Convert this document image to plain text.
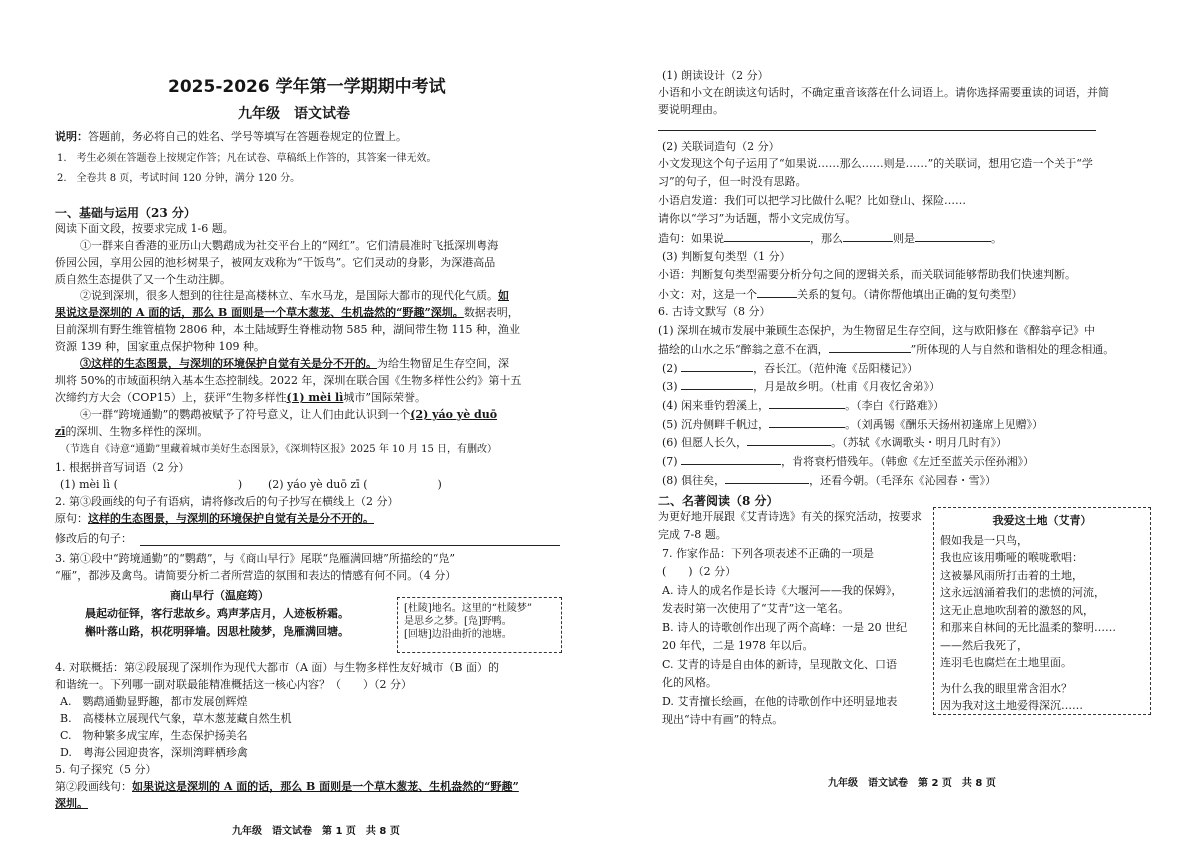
2025-2026 学年第一学期期中考试
九年级　语文试卷
说明：答题前，务必将自己的姓名、学号等填写在答题卷规定的位置上。
1.　考生必须在答题卷上按规定作答；凡在试卷、草稿纸上作答的，其答案一律无效。
2.　全卷共 8 页，考试时间 120 分钟，满分 120 分。
一、基础与运用（23 分）
阅读下面文段，按要求完成 1-6 题。
①一群来自香港的亚历山大鹦鹉成为社交平台上的“网红”。它们清晨准时飞抵深圳粤海
侨园公园，享用公园的池杉树果子，被网友戏称为“干饭鸟”。它们灵动的身影，为深港高品
质自然生态提供了又一个生动注脚。
②说到深圳，很多人想到的往往是高楼林立、车水马龙，是国际大都市的现代化气质。如
果说这是深圳的 A 面的话，那么 B 面则是一个草木葱茏、生机盎然的“野趣”深圳。数据表明，
目前深圳有野生维管植物 2806 种，本土陆域野生脊椎动物 585 种，湖间带生物 115 种，渔业
资源 139 种，国家重点保护物种 109 种。
③这样的生态图景，与深圳的环境保护自觉有关是分不开的。为给生物留足生存空间，深
圳将 50%的市域面积纳入基本生态控制线。2022 年，深圳在联合国《生物多样性公约》第十五
次缔约方大会（COP15）上，获评“生物多样性(1) mèi lì城市”国际荣誉。
④一群“跨境通勤”的鹦鹉被赋予了符号意义，让人们由此认识到一个(2) yáo yè duō
zī的深圳、生物多样性的深圳。
（节选自《诗意“通勤”里藏着城市美好生态图景》，《深圳特区报》2025 年 10 月 15 日，有删改）
1. 根据拼音写词语（2 分）
(1) mèi lì (	) (2) yáo yè duō zī (	)
2. 第③段画线的句子有语病，请将修改后的句子抄写在横线上（2 分）
原句：这样的生态图景，与深圳的环境保护自觉有关是分不开的。
修改后的句子：
3. 第①段中“跨境通勤”的“鹦鹉”，与《商山早行》尾联“凫雁满回塘”所描绘的“凫”
“雁”，都涉及禽鸟。请简要分析二者所营造的氛围和表达的情感有何不同。（4 分）
商山早行（温庭筠）
晨起动征铎，客行悲故乡。鸡声茅店月，人迹板桥霜。
槲叶落山路，枳花明驿墙。因思杜陵梦，凫雁满回塘。
[杜陵]地名。这里的“杜陵梦”
是思乡之梦。[凫]野鸭。
[回塘]边沿曲折的池塘。
4. 对联概括：第②段展现了深圳作为现代大都市（A 面）与生物多样性友好城市（B 面）的
和谐统一。下列哪一副对联最能精准概括这一核心内容？（　　）（2 分）
A.　鹦鹉通勤显野趣，都市发展创辉煌
B.　高楼林立展现代气象，草木葱茏藏自然生机
C.　物种繁多成宝库，生态保护扬美名
D.　粤海公园迎贵客，深圳湾畔栖珍禽
5. 句子探究（5 分）
第②段画线句：如果说这是深圳的 A 面的话，那么 B 面则是一个草木葱茏、生机盎然的“野趣”
深圳。
九年级　语文试卷　第 1 页　共 8 页
(1) 朗读设计（2 分）
小语和小文在朗读这句话时，不确定重音该落在什么词语上。请你选择需要重读的词语，并简
要说明理由。
(2) 关联词造句（2 分）
小文发现这个句子运用了“如果说……那么……则是……”的关联词，想用它造一个关于“学
习”的句子，但一时没有思路。
小语启发道：我们可以把学习比做什么呢？比如登山、探险……
请你以“学习”为话题，帮小文完成仿写。
造句：如果说	，那么	则是	。
(3) 判断复句类型（1 分）
小语：判断复句类型需要分析分句之间的逻辑关系，而关联词能够帮助我们快速判断。
小文：对，这是一个	关系的复句。（请你帮他填出正确的复句类型）
6. 古诗文默写（8 分）
(1) 深圳在城市发展中兼顾生态保护，为生物留足生存空间，这与欧阳修在《醉翁亭记》中
描绘的山水之乐“醉翁之意不在酒，	”所体现的人与自然和谐相处的理念相通。
(2)	，吞长江。（范仲淹《岳阳楼记》）
(3)	，月是故乡明。（杜甫《月夜忆舍弟》）
(4) 闲来垂钓碧溪上，	。（李白《行路难》）
(5) 沉舟侧畔千帆过，	。（刘禹锡《酬乐天扬州初逢席上见赠》）
(6) 但愿人长久，	。（苏轼《水调歌头・明月几时有》）
(7)	，肯将衰朽惜残年。（韩愈《左迁至蓝关示侄孙湘》）
(8) 俱往矣，	，还看今朝。（毛泽东《沁园春・雪》）
二、名著阅读（8 分）
为更好地开展跟《艾青诗选》有关的探究活动，按要求
完成 7-8 题。
7. 作家作品：下列各项表述不正确的一项是
(　　)（2 分）
A. 诗人的成名作是长诗《大堰河——我的保姆》，
发表时第一次使用了“艾青”这一笔名。
B. 诗人的诗歌创作出现了两个高峰：一是 20 世纪
20 年代，二是 1978 年以后。
C. 艾青的诗是自由体的新诗，呈现散文化、口语
化的风格。
D. 艾青擅长绘画，在他的诗歌创作中还明显地表
现出“诗中有画”的特点。
我爱这土地（艾青）
假如我是一只鸟，
我也应该用嘶哑的喉咙歌唱：
这被暴风雨所打击着的土地，
这永远汹涌着我们的悲愤的河流，
这无止息地吹刮着的激怒的风，
和那来自林间的无比温柔的黎明……
——然后我死了，
连羽毛也腐烂在土地里面。
为什么我的眼里常含泪水？
因为我对这土地爱得深沉……
九年级　语文试卷　第 2 页　共 8 页
